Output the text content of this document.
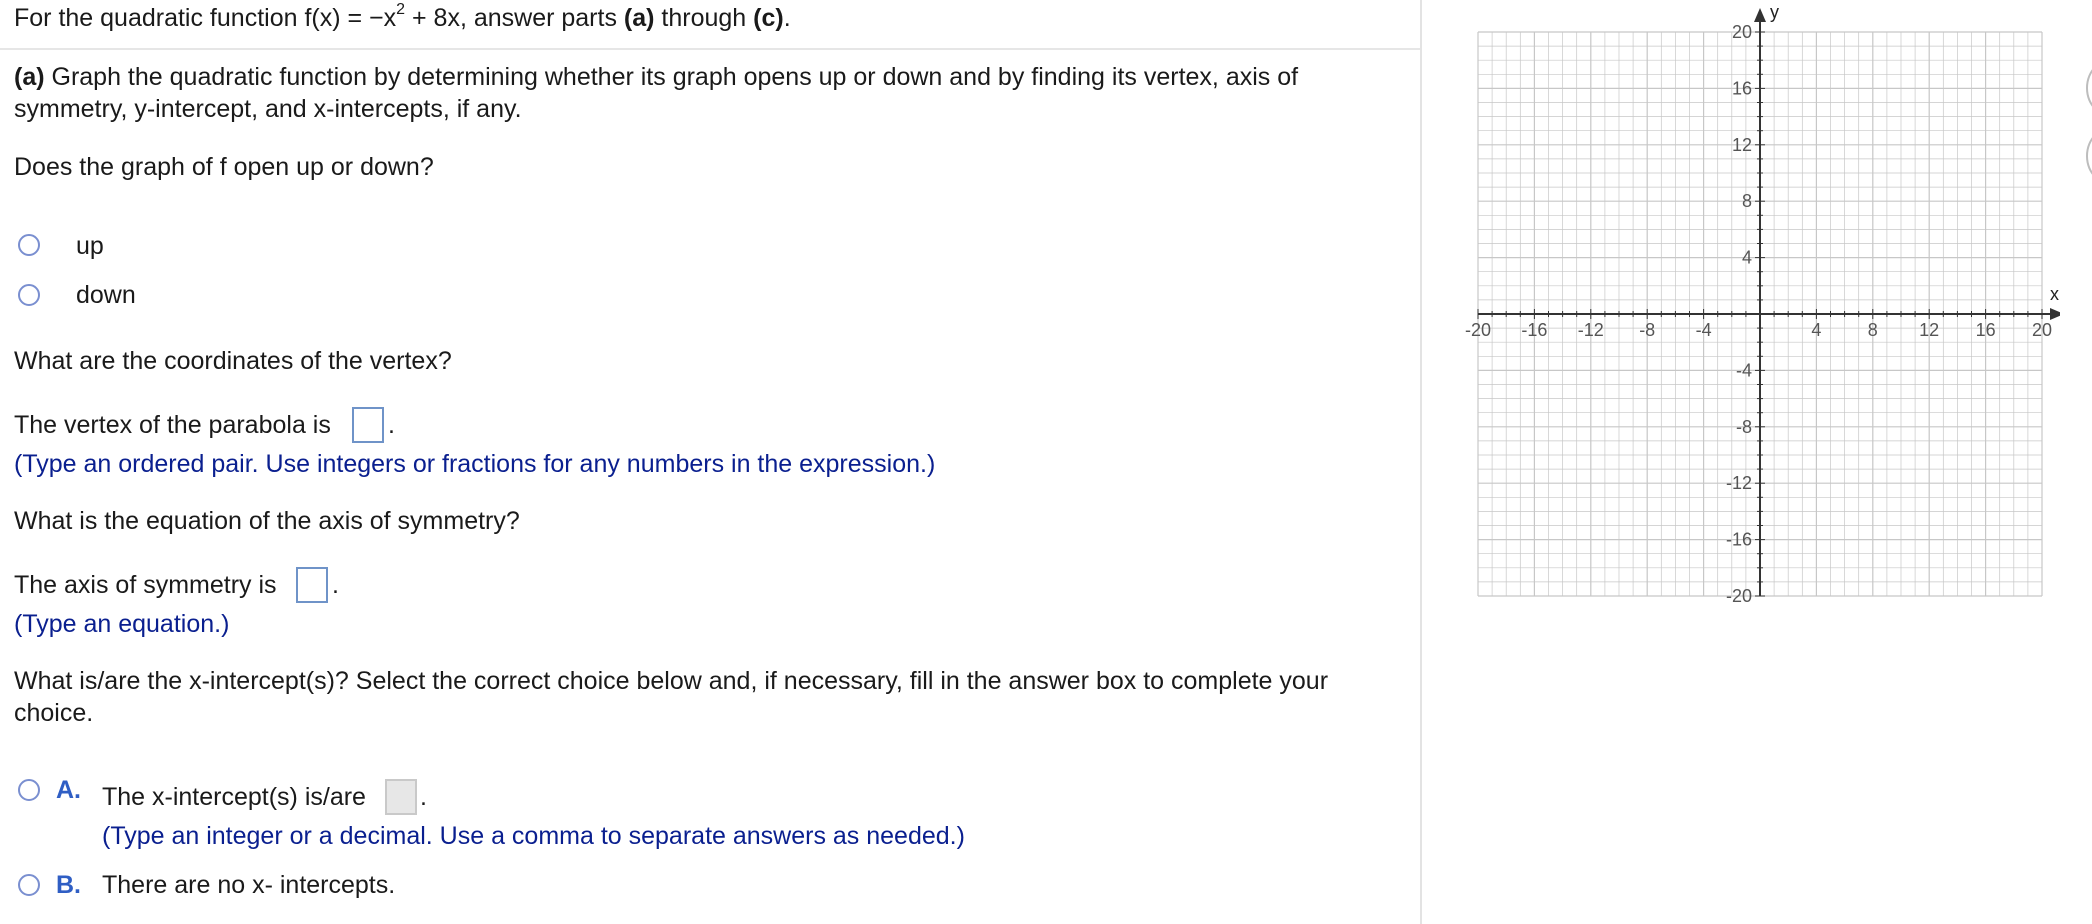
For the quadratic function $f(x) = -x^2 + 8x$, answer parts (a) through (c).
(a) Graph the quadratic function by determining whether its graph opens up or down and by finding its vertex, axis of
symmetry, y-intercept, and x-intercepts, if any.
Does the graph of f open up or down?
up
down
What are the coordinates of the vertex?
The vertex of the parabola is .
(Type an ordered pair. Use integers or fractions for any numbers in the expression.)
What is the equation of the axis of symmetry?
The axis of symmetry is .
(Type an equation.)
What is/are the x-intercept(s)? Select the correct choice below and, if necessary, fill in the answer box to complete your
choice.
A. The x-intercept(s) is/are .
(Type an integer or a decimal. Use a comma to separate answers as needed.)
B. There are no x- intercepts.
-20 -16 -12 -8 -4	4	8 12 16 20
20
16
12
8
4
-4
-8
-12
-16
-20
x
y
